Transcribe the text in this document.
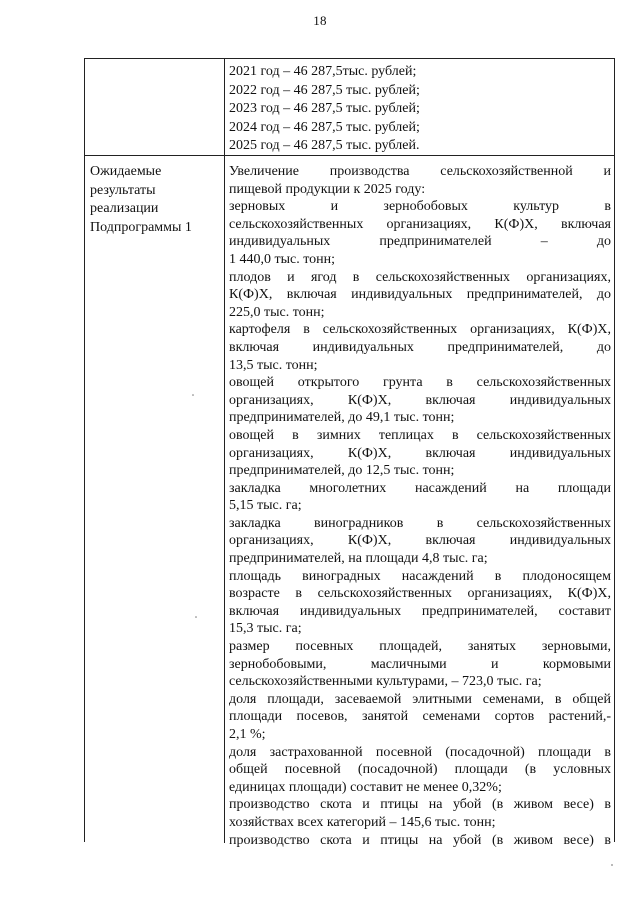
18
2021 год – 46 287,5тыс. рублей;
2022 год – 46 287,5 тыс. рублей;
2023 год – 46 287,5 тыс. рублей;
2024 год – 46 287,5 тыс. рублей;
2025 год – 46 287,5 тыс. рублей.
Ожидаемые
результаты
реализации
Подпрограммы 1
Увеличение производства сельскохозяйственной и
пищевой продукции к 2025 году:
зерновых и зернобобовых культур в
сельскохозяйственных организациях, К(Ф)Х, включая
индивидуальных предпринимателей – до
1 440,0 тыс. тонн;
плодов и ягод в сельскохозяйственных организациях,
К(Ф)Х, включая индивидуальных предпринимателей, до
225,0 тыс. тонн;
картофеля в сельскохозяйственных организациях, К(Ф)Х,
включая индивидуальных предпринимателей, до
13,5 тыс. тонн;
овощей открытого грунта в сельскохозяйственных
организациях, К(Ф)Х, включая индивидуальных
предпринимателей, до 49,1 тыс. тонн;
овощей в зимних теплицах в сельскохозяйственных
организациях, К(Ф)Х, включая индивидуальных
предпринимателей, до 12,5 тыс. тонн;
закладка многолетних насаждений на площади
5,15 тыс. га;
закладка виноградников в сельскохозяйственных
организациях, К(Ф)Х, включая индивидуальных
предпринимателей, на площади 4,8 тыс. га;
площадь виноградных насаждений в плодоносящем
возрасте в сельскохозяйственных организациях, К(Ф)Х,
включая индивидуальных предпринимателей, составит
15,3 тыс. га;
размер посевных площадей, занятых зерновыми,
зернобобовыми, масличными и кормовыми
сельскохозяйственными культурами, – 723,0 тыс. га;
доля площади, засеваемой элитными семенами, в общей
площади посевов, занятой семенами сортов растений,-
2,1 %;
доля застрахованной посевной (посадочной) площади в
общей посевной (посадочной) площади (в условных
единицах площади) составит не менее 0,32%;
производство скота и птицы на убой (в живом весе) в
хозяйствах всех категорий – 145,6 тыс. тонн;
производство скота и птицы на убой (в живом весе) в
